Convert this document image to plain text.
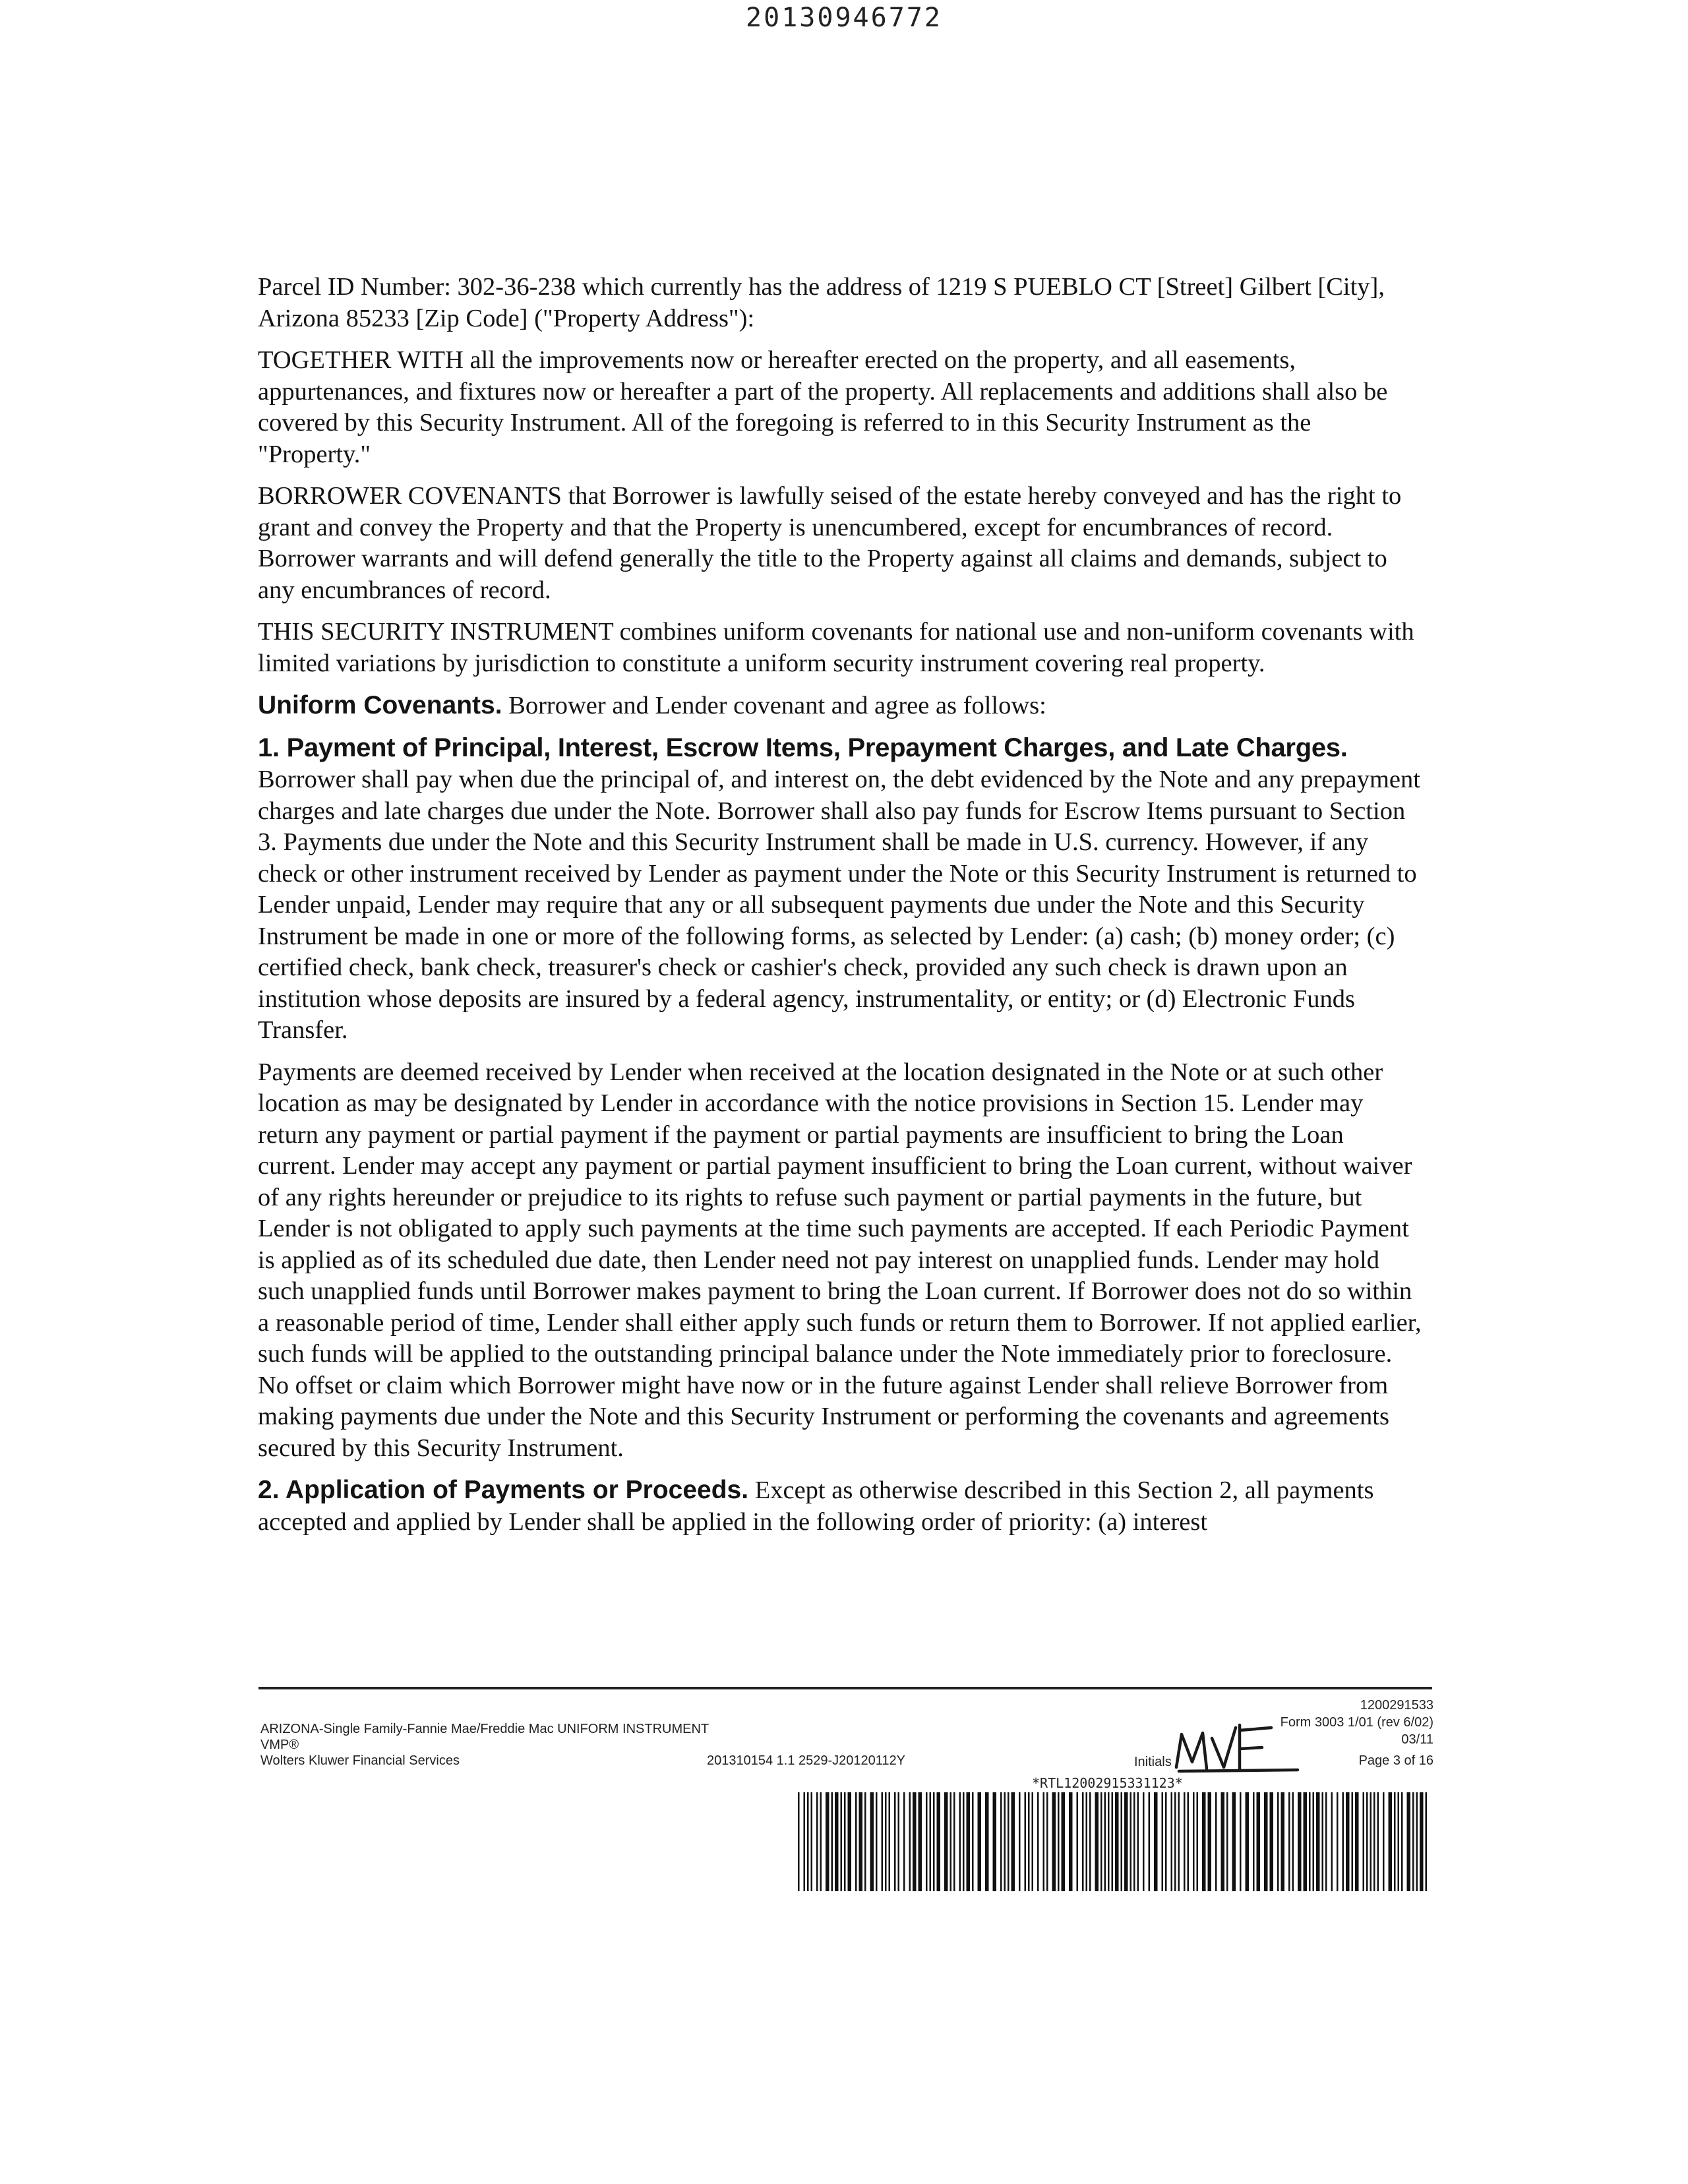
20130946772

Parcel ID Number: 302-36-238 which currently has the address of 1219 S PUEBLO CT [Street] Gilbert [City], Arizona 85233 [Zip Code] ("Property Address"):

TOGETHER WITH all the improvements now or hereafter erected on the property, and all easements, appurtenances, and fixtures now or hereafter a part of the property. All replacements and additions shall also be covered by this Security Instrument. All of the foregoing is referred to in this Security Instrument as the "Property."

BORROWER COVENANTS that Borrower is lawfully seised of the estate hereby conveyed and has the right to grant and convey the Property and that the Property is unencumbered, except for encumbrances of record. Borrower warrants and will defend generally the title to the Property against all claims and demands, subject to any encumbrances of record.

THIS SECURITY INSTRUMENT combines uniform covenants for national use and non-uniform covenants with limited variations by jurisdiction to constitute a uniform security instrument covering real property.

Uniform Covenants. Borrower and Lender covenant and agree as follows:

1. Payment of Principal, Interest, Escrow Items, Prepayment Charges, and Late Charges.
Borrower shall pay when due the principal of, and interest on, the debt evidenced by the Note and any prepayment charges and late charges due under the Note. Borrower shall also pay funds for Escrow Items pursuant to Section 3. Payments due under the Note and this Security Instrument shall be made in U.S. currency. However, if any check or other instrument received by Lender as payment under the Note or this Security Instrument is returned to Lender unpaid, Lender may require that any or all subsequent payments due under the Note and this Security Instrument be made in one or more of the following forms, as selected by Lender: (a) cash; (b) money order; (c) certified check, bank check, treasurer's check or cashier's check, provided any such check is drawn upon an institution whose deposits are insured by a federal agency, instrumentality, or entity; or (d) Electronic Funds Transfer.

Payments are deemed received by Lender when received at the location designated in the Note or at such other location as may be designated by Lender in accordance with the notice provisions in Section 15. Lender may return any payment or partial payment if the payment or partial payments are insufficient to bring the Loan current. Lender may accept any payment or partial payment insufficient to bring the Loan current, without waiver of any rights hereunder or prejudice to its rights to refuse such payment or partial payments in the future, but Lender is not obligated to apply such payments at the time such payments are accepted. If each Periodic Payment is applied as of its scheduled due date, then Lender need not pay interest on unapplied funds. Lender may hold such unapplied funds until Borrower makes payment to bring the Loan current. If Borrower does not do so within a reasonable period of time, Lender shall either apply such funds or return them to Borrower. If not applied earlier, such funds will be applied to the outstanding principal balance under the Note immediately prior to foreclosure. No offset or claim which Borrower might have now or in the future against Lender shall relieve Borrower from making payments due under the Note and this Security Instrument or performing the covenants and agreements secured by this Security Instrument.

2. Application of Payments or Proceeds. Except as otherwise described in this Section 2, all payments accepted and applied by Lender shall be applied in the following order of priority: (a) interest

ARIZONA-Single Family-Fannie Mae/Freddie Mac UNIFORM INSTRUMENT
VMP®
Wolters Kluwer Financial Services	201310154 1.1 2529-J20120112Y
1200291533
Form 3003 1/01 (rev 6/02)
03/11
Page 3 of 16
Initials
*RTL12002915331123*
